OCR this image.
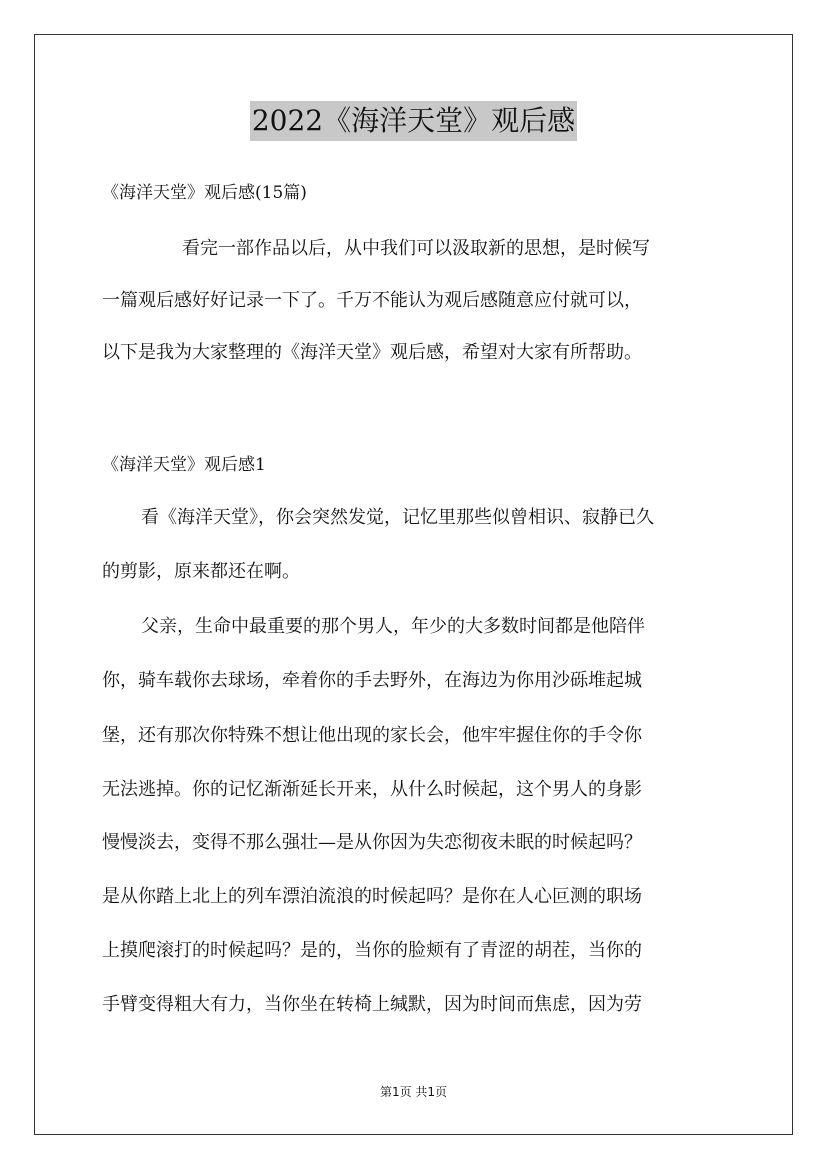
2022《海洋天堂》观后感

《海洋天堂》观后感(15篇)

看完一部作品以后，从中我们可以汲取新的思想，是时候写

一篇观后感好好记录一下了。千万不能认为观后感随意应付就可以，

以下是我为大家整理的《海洋天堂》观后感，希望对大家有所帮助。

《海洋天堂》观后感1

看《海洋天堂》，你会突然发觉，记忆里那些似曾相识、寂静已久

的剪影，原来都还在啊。

父亲，生命中最重要的那个男人，年少的大多数时间都是他陪伴

你，骑车载你去球场，牵着你的手去野外，在海边为你用沙砾堆起城

堡，还有那次你特殊不想让他出现的家长会，他牢牢握住你的手令你

无法逃掉。你的记忆渐渐延长开来，从什么时候起，这个男人的身影

慢慢淡去，变得不那么强壮—是从你因为失恋彻夜未眠的时候起吗？

是从你踏上北上的列车漂泊流浪的时候起吗？是你在人心叵测的职场

上摸爬滚打的时候起吗？是的，当你的脸颊有了青涩的胡茬，当你的

手臂变得粗大有力，当你坐在转椅上缄默，因为时间而焦虑，因为劳

第1页 共1页
